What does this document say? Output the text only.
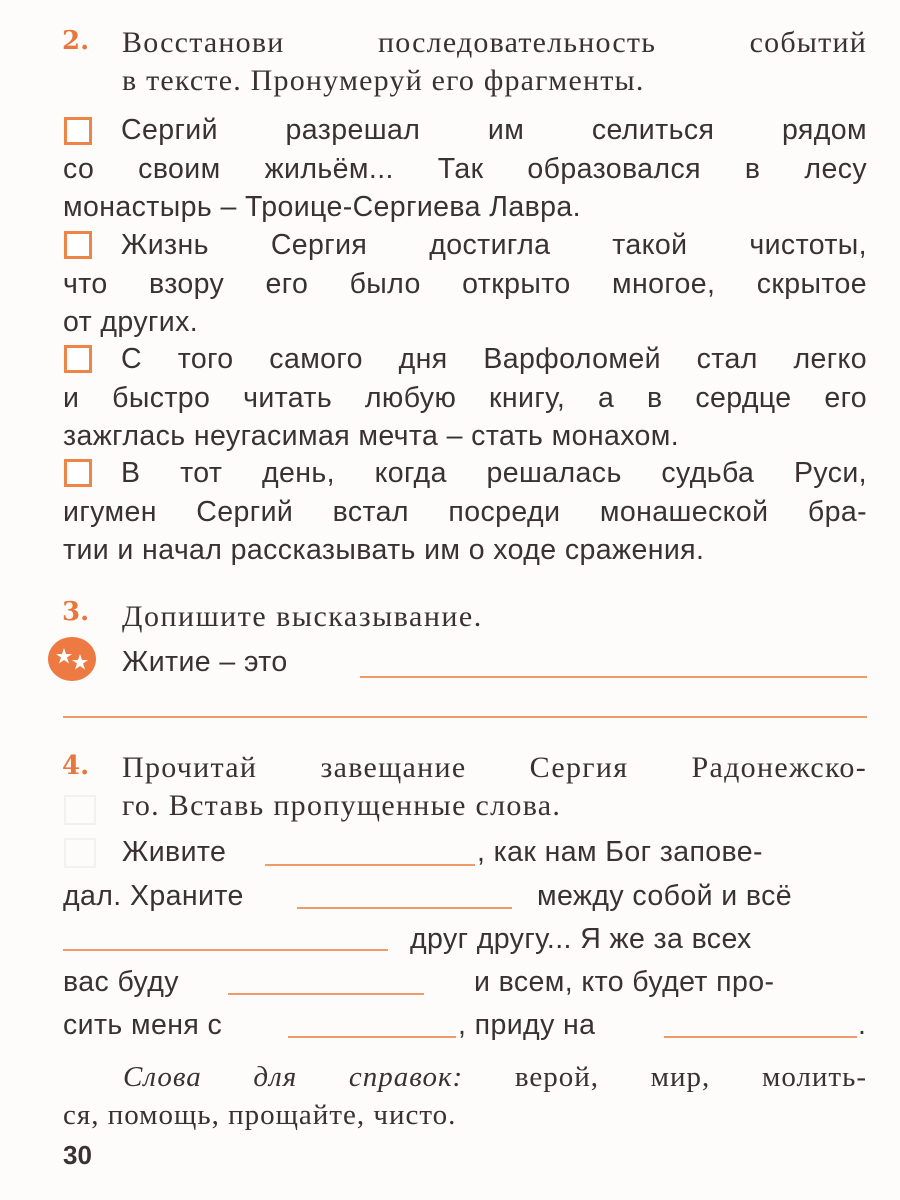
2. Восстанови последовательность событий
в тексте. Пронумеруй его фрагменты.
Сергий разрешал им селиться рядом
со своим жильём... Так образовался в лесу
монастырь – Троице-Сергиева Лавра.
Жизнь Сергия достигла такой чистоты,
что взору его было открыто многое, скрытое
от других.
С того самого дня Варфоломей стал легко
и быстро читать любую книгу, а в сердце его
зажглась неугасимая мечта – стать монахом.
В тот день, когда решалась судьба Руси,
игумен Сергий встал посреди монашеской бра-
тии и начал рассказывать им о ходе сражения.
3. Допишите высказывание.
Житие – это
4. Прочитай завещание Сергия Радонежско-
го. Вставь пропущенные слова.
Живите	, как нам Бог запове-
дал. Храните	между собой и всё
друг другу... Я же за всех
вас буду	и всем, кто будет про-
сить меня с	, приду на	.
Слова для справок: верой, мир, молить-
ся, помощь, прощайте, чисто.
30
